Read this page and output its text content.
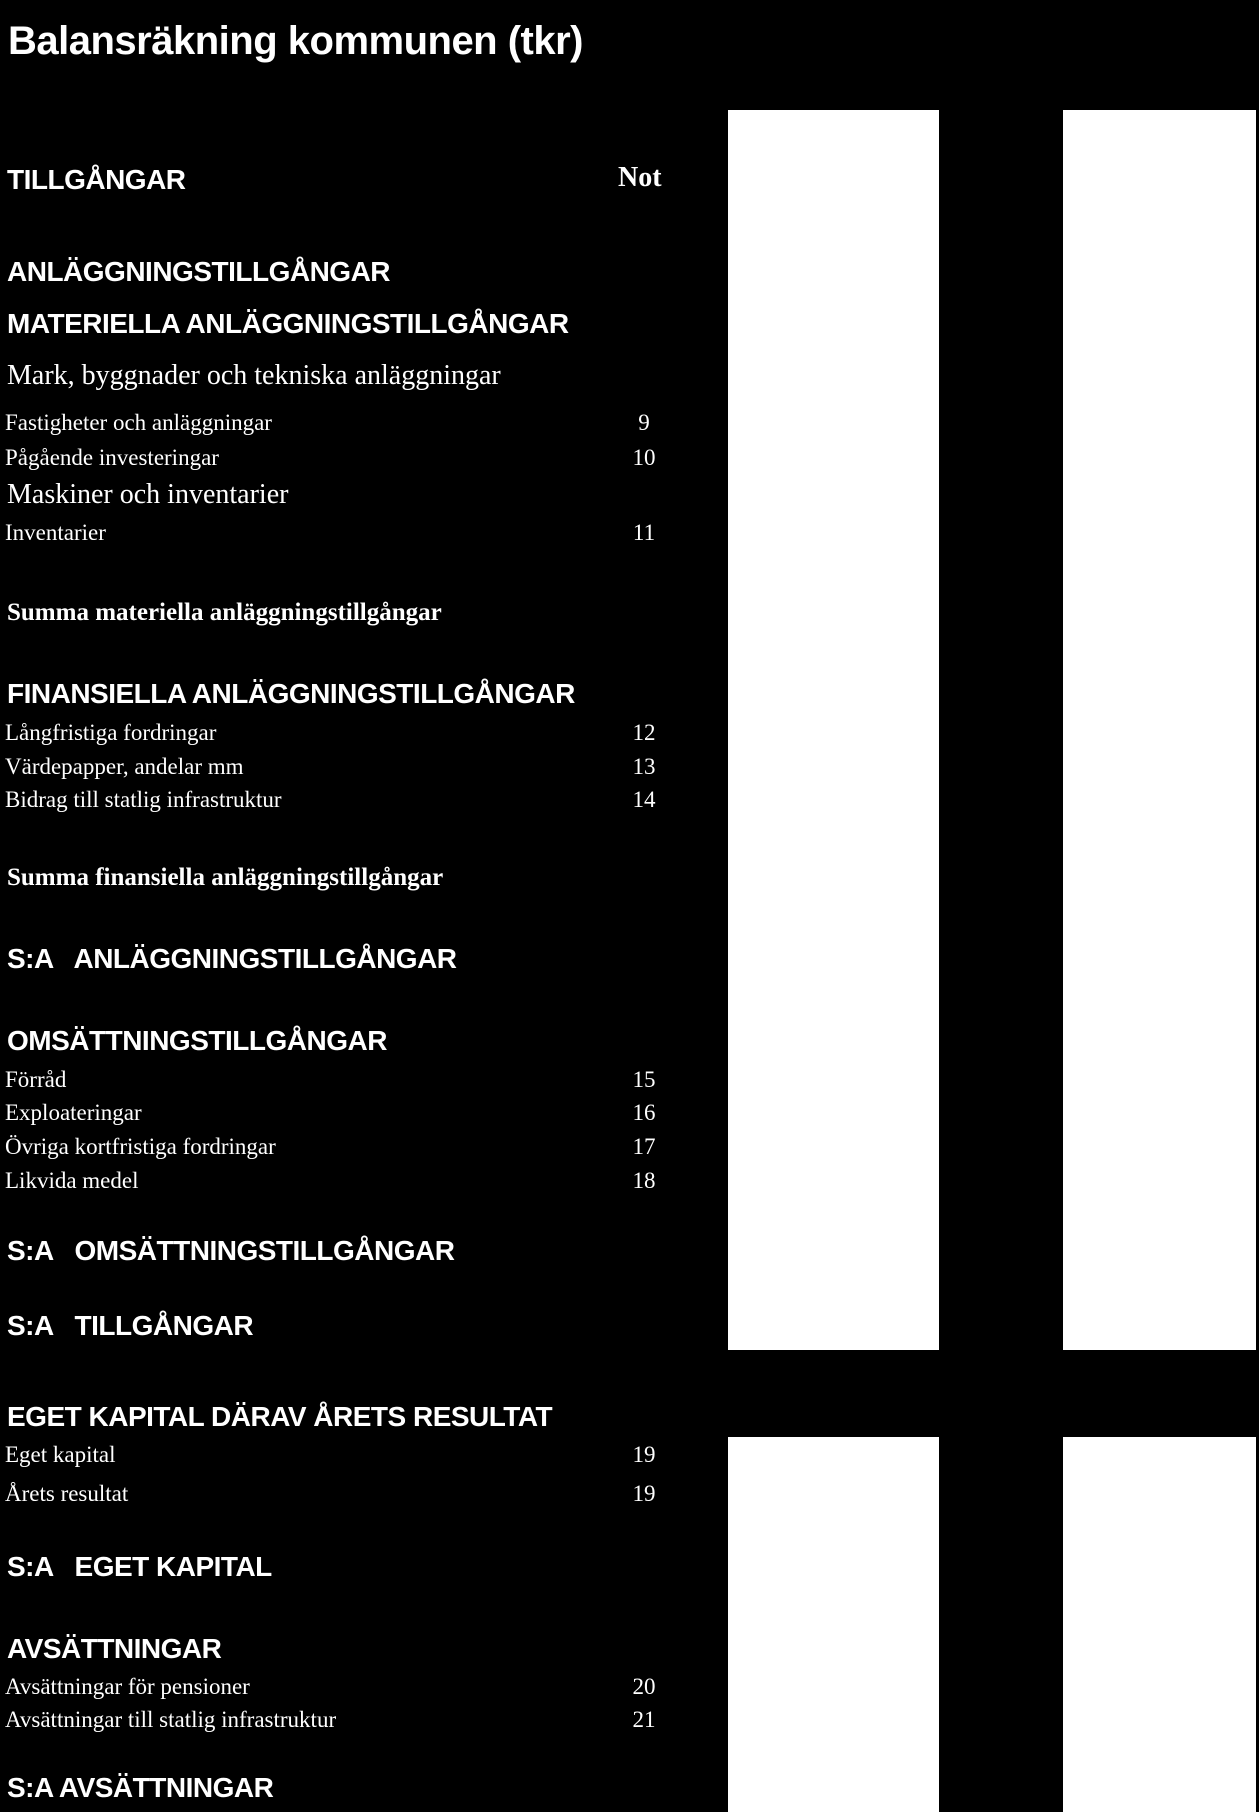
Balansräkning kommunen (tkr)
TILLGÅNGAR	Not
ANLÄGGNINGSTILLGÅNGAR
MATERIELLA ANLÄGGNINGSTILLGÅNGAR
Mark, byggnader och tekniska anläggningar
Fastigheter och anläggningar	9
Pågående investeringar	10
Maskiner och inventarier
Inventarier	11
Summa materiella anläggningstillgångar
FINANSIELLA ANLÄGGNINGSTILLGÅNGAR
Långfristiga fordringar	12
Värdepapper, andelar mm	13
Bidrag till statlig infrastruktur	14
Summa finansiella anläggningstillgångar
S:A   ANLÄGGNINGSTILLGÅNGAR
OMSÄTTNINGSTILLGÅNGAR
Förråd	15
Exploateringar	16
Övriga kortfristiga fordringar	17
Likvida medel	18
S:A   OMSÄTTNINGSTILLGÅNGAR
S:A   TILLGÅNGAR
EGET KAPITAL DÄRAV ÅRETS RESULTAT
Eget kapital	19
Årets resultat	19
S:A   EGET KAPITAL
AVSÄTTNINGAR
Avsättningar för pensioner	20
Avsättningar till statlig infrastruktur	21
S:A AVSÄTTNINGAR
